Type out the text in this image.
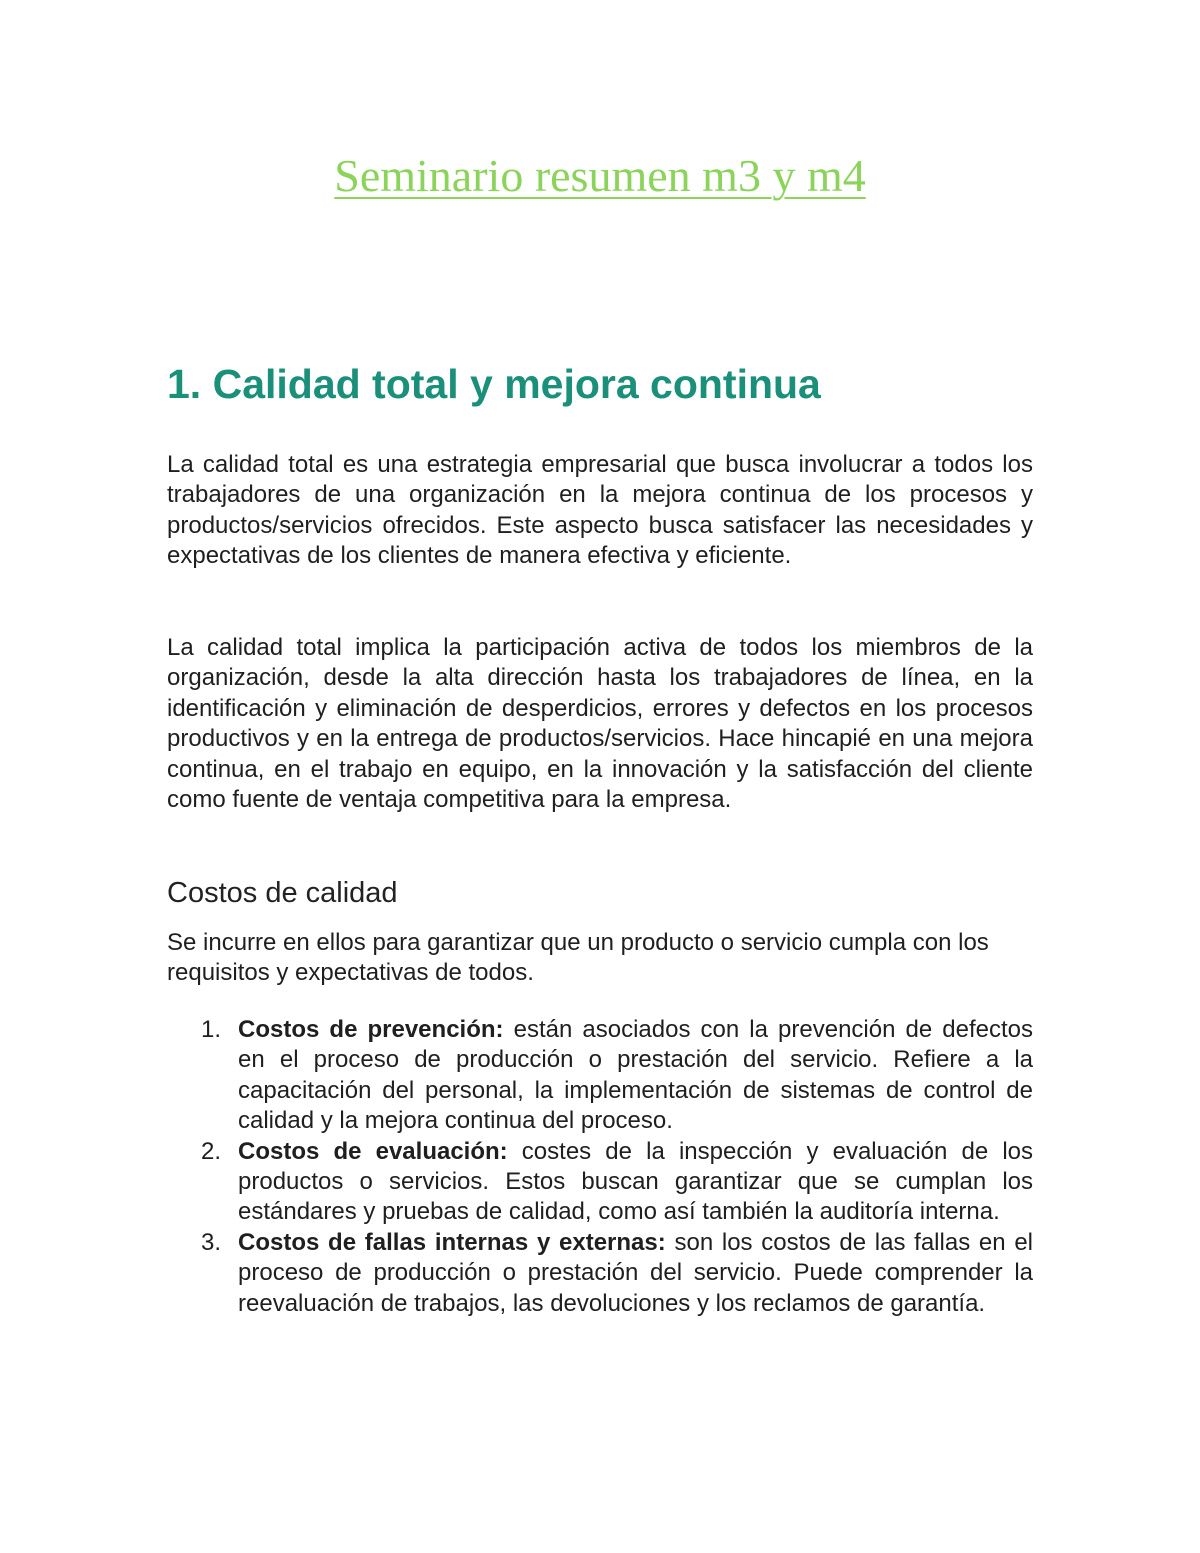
Seminario resumen m3 y m4
1. Calidad total y mejora continua

La calidad total es una estrategia empresarial que busca involucrar a todos los trabajadores de una organización en la mejora continua de los procesos y productos/servicios ofrecidos. Este aspecto busca satisfacer las necesidades y expectativas de los clientes de manera efectiva y eficiente.

La calidad total implica la participación activa de todos los miembros de la organización, desde la alta dirección hasta los trabajadores de línea, en la identificación y eliminación de desperdicios, errores y defectos en los procesos productivos y en la entrega de productos/servicios. Hace hincapié en una mejora continua, en el trabajo en equipo, en la innovación y la satisfacción del cliente como fuente de ventaja competitiva para la empresa.

Costos de calidad

Se incurre en ellos para garantizar que un producto o servicio cumpla con los requisitos y expectativas de todos.

1. Costos de prevención: están asociados con la prevención de defectos en el proceso de producción o prestación del servicio. Refiere a la capacitación del personal, la implementación de sistemas de control de calidad y la mejora continua del proceso.
2. Costos de evaluación: costes de la inspección y evaluación de los productos o servicios. Estos buscan garantizar que se cumplan los estándares y pruebas de calidad, como así también la auditoría interna.
3. Costos de fallas internas y externas: son los costos de las fallas en el proceso de producción o prestación del servicio. Puede comprender la reevaluación de trabajos, las devoluciones y los reclamos de garantía.
